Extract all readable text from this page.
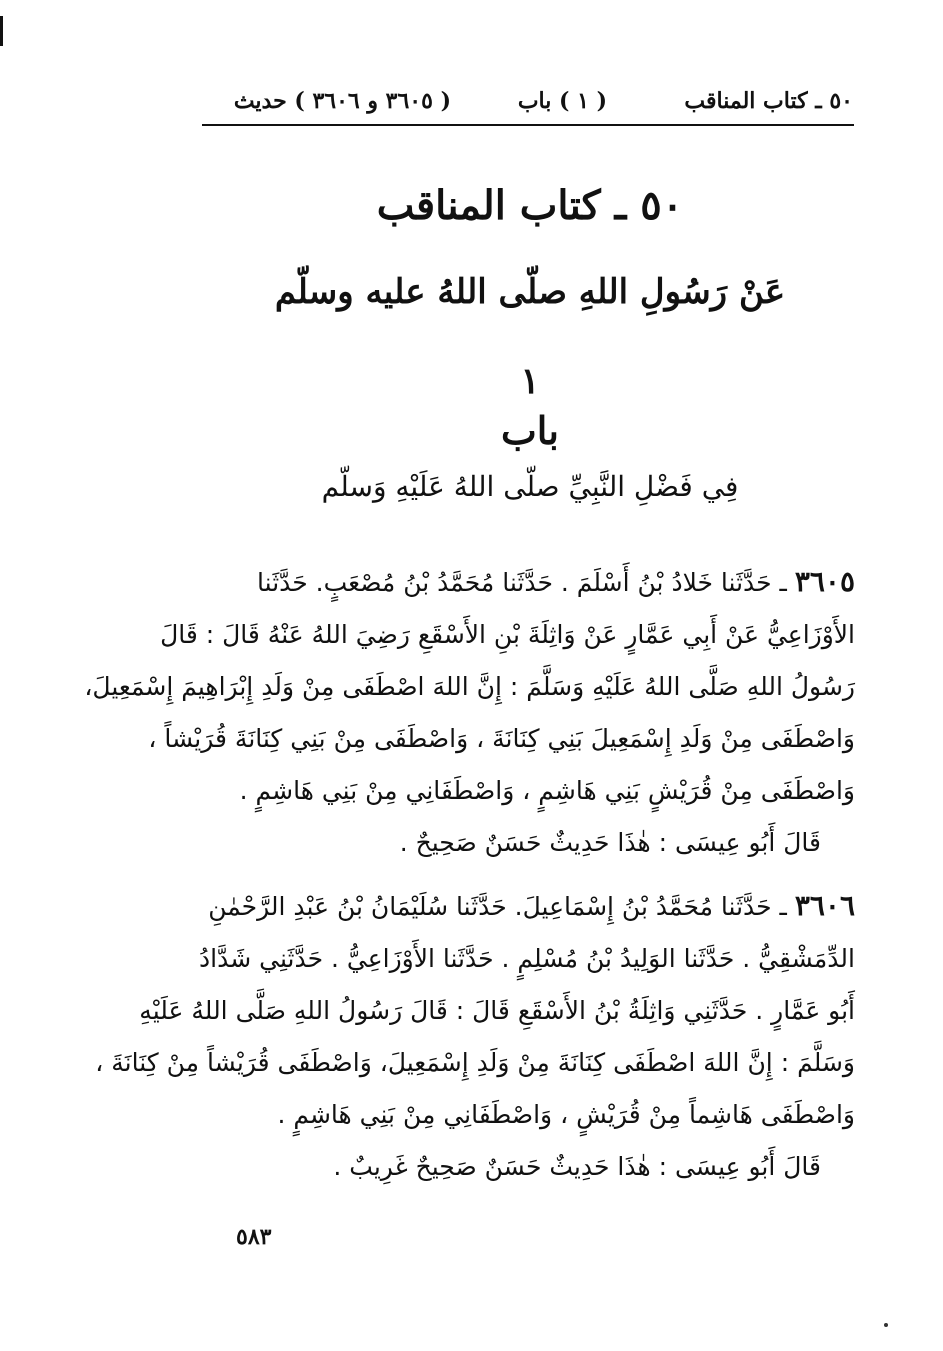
٥٠ ـ كتاب المناقب
( ١ ) باب
( ٣٦٠٥ و ٣٦٠٦ ) حديث
٥٠ ـ كتاب المناقب
عَنْ رَسُولِ اللهِ صلّى اللهُ عليه وسلّم
١
باب
فِي فَضْلِ النَّبِيِّ صلّى اللهُ عَلَيْهِ وَسلّم
٣٦٠٥ ـ حَدَّثَنا خَلادُ بْنُ أَسْلَمَ . حَدَّثَنا مُحَمَّدُ بْنُ مُصْعَبٍ. حَدَّثَنا
الأَوْزَاعِيُّ عَنْ أَبِي عَمَّارٍ عَنْ وَاثِلَةَ بْنِ الأَسْقَعِ رَضِيَ اللهُ عَنْهُ قَالَ : قَالَ
رَسُولُ اللهِ صَلَّى اللهُ عَلَيْهِ وَسَلَّمَ : إِنَّ اللهَ اصْطَفَى مِنْ وَلَدِ إِبْرَاهِيمَ إِسْمَعِيلَ،
وَاصْطَفَى مِنْ وَلَدِ إِسْمَعِيلَ بَنِي كِنَانَةَ ، وَاصْطَفَى مِنْ بَنِي كِنَانَةَ قُرَيْشاً ،
وَاصْطَفَى مِنْ قُرَيْشٍ بَنِي هَاشِمٍ ، وَاصْطَفَانِي مِنْ بَنِي هَاشِمٍ .
قَالَ أَبُو عِيسَى : هٰذَا حَدِيثٌ حَسَنٌ صَحِيحٌ .
٣٦٠٦ ـ حَدَّثَنا مُحَمَّدُ بْنُ إِسْمَاعِيلَ. حَدَّثَنا سُلَيْمَانُ بْنُ عَبْدِ الرَّحْمٰنِ
الدِّمَشْقِيُّ . حَدَّثَنا الوَلِيدُ بْنُ مُسْلِمٍ . حَدَّثَنا الأَوْزَاعِيُّ . حَدَّثَنِي شَدَّادُ
أَبُو عَمَّارٍ . حَدَّثَنِي وَاثِلَةُ بْنُ الأَسْقَعِ قَالَ : قَالَ رَسُولُ اللهِ صَلَّى اللهُ عَلَيْهِ
وَسَلَّمَ : إِنَّ اللهَ اصْطَفَى كِنَانَةَ مِنْ وَلَدِ إِسْمَعِيلَ، وَاصْطَفَى قُرَيْشاً مِنْ كِنَانَةَ ،
وَاصْطَفَى هَاشِماً مِنْ قُرَيْشٍ ، وَاصْطَفَانِي مِنْ بَنِي هَاشِمٍ .
قَالَ أَبُو عِيسَى : هٰذَا حَدِيثٌ حَسَنٌ صَحِيحٌ غَرِيبٌ .
٥٨٣
